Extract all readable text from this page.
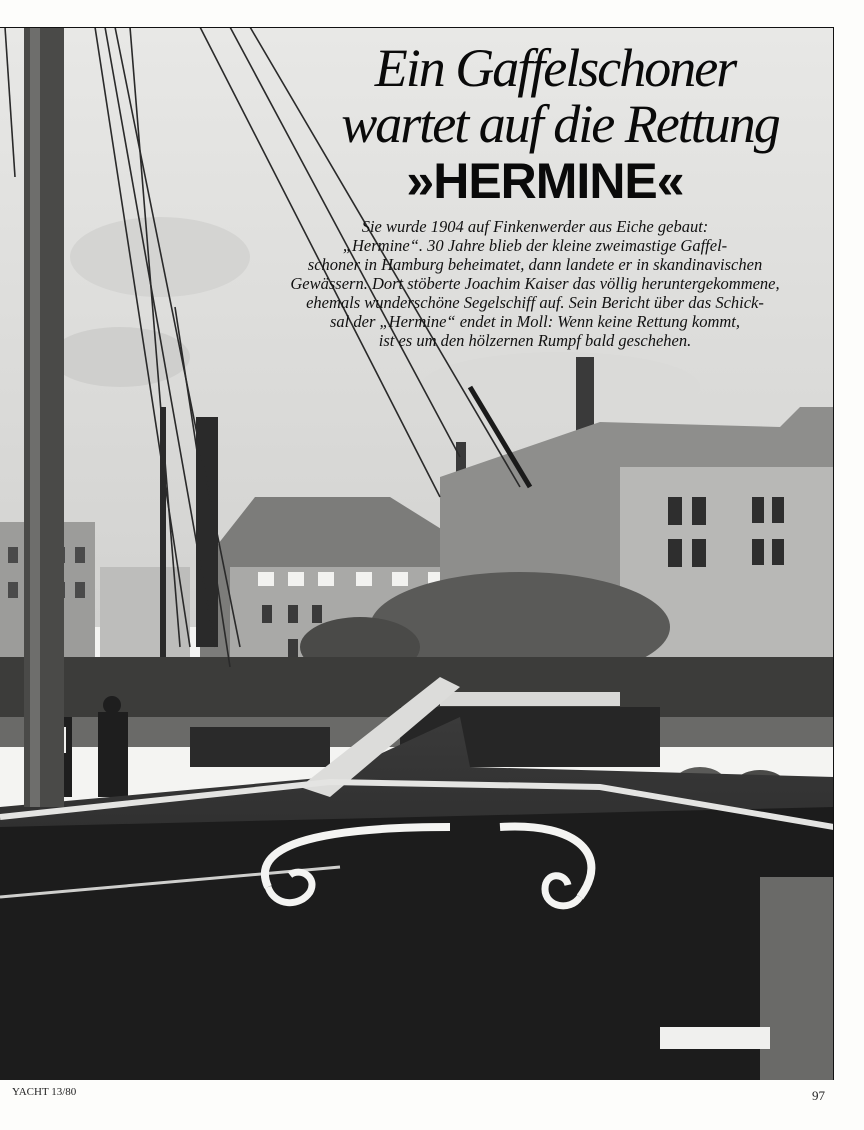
Ein Gaffelschoner
wartet auf die Rettung
»HERMINE«
Sie wurde 1904 auf Finkenwerder aus Eiche gebaut:
„Hermine“. 30 Jahre blieb der kleine zweimastige Gaffel-
schoner in Hamburg beheimatet, dann landete er in skandinavischen
Gewässern. Dort stöberte Joachim Kaiser das völlig heruntergekommene,
ehemals wunderschöne Segelschiff auf. Sein Bericht über das Schick-
sal der „Hermine“ endet in Moll: Wenn keine Rettung kommt,
ist es um den hölzernen Rumpf bald geschehen.
YACHT 13/80	97
